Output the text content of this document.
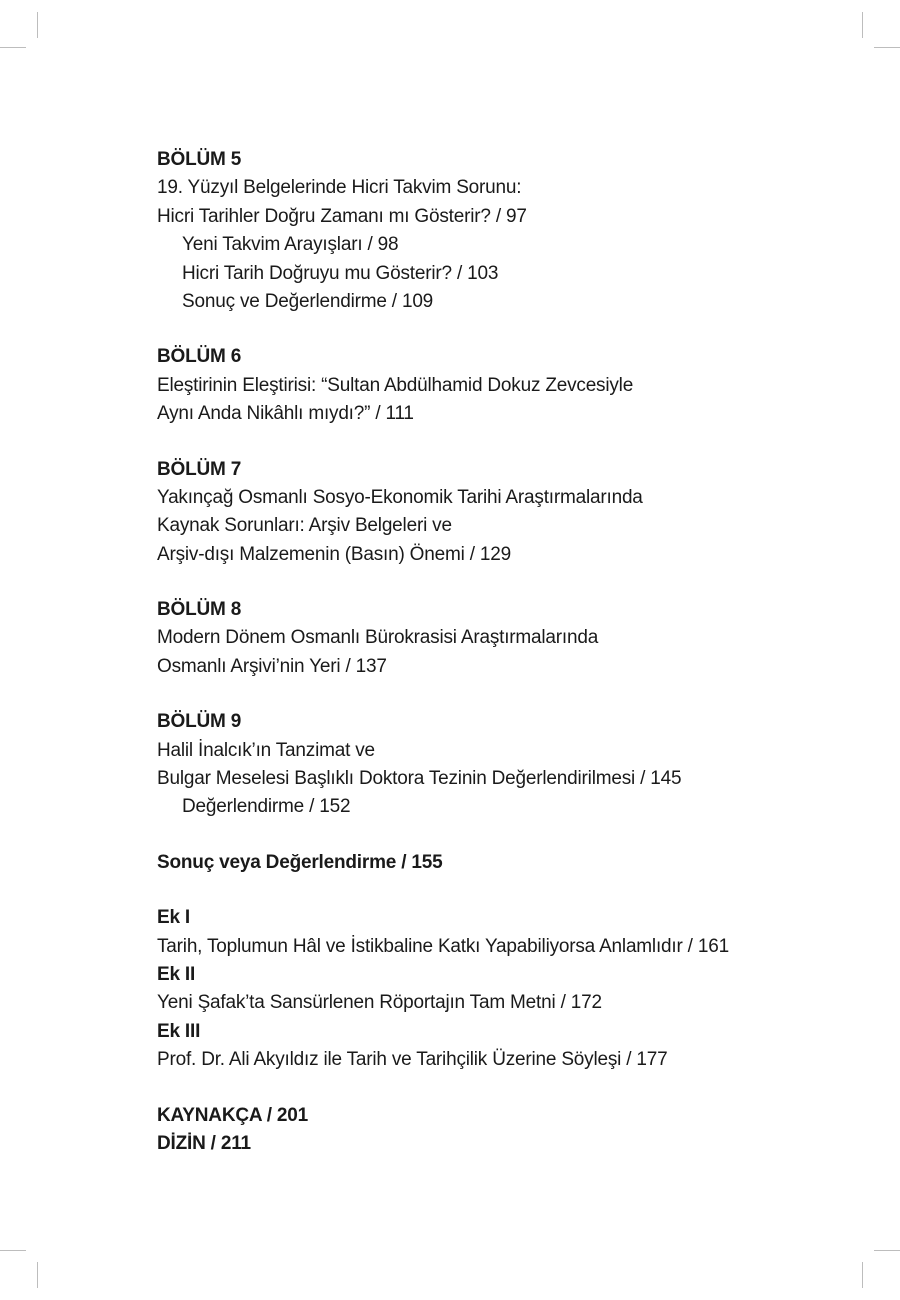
BÖLÜM 5
19. Yüzyıl Belgelerinde Hicri Takvim Sorunu:
Hicri Tarihler Doğru Zamanı mı Gösterir? / 97
Yeni Takvim Arayışları / 98
Hicri Tarih Doğruyu mu Gösterir? / 103
Sonuç ve Değerlendirme / 109
BÖLÜM 6
Eleştirinin Eleştirisi: “Sultan Abdülhamid Dokuz Zevcesiyle
Aynı Anda Nikâhlı mıydı?” / 111
BÖLÜM 7
Yakınçağ Osmanlı Sosyo-Ekonomik Tarihi Araştırmalarında
Kaynak Sorunları: Arşiv Belgeleri ve
Arşiv-dışı Malzemenin (Basın) Önemi / 129
BÖLÜM 8
Modern Dönem Osmanlı Bürokrasisi Araştırmalarında
Osmanlı Arşivi’nin Yeri / 137
BÖLÜM 9
Halil İnalcık’ın Tanzimat ve
Bulgar Meselesi Başlıklı Doktora Tezinin Değerlendirilmesi / 145
Değerlendirme / 152
Sonuç veya Değerlendirme / 155
Ek I
Tarih, Toplumun Hâl ve İstikbaline Katkı Yapabiliyorsa Anlamlıdır / 161
Ek II
Yeni Şafak’ta Sansürlenen Röportajın Tam Metni / 172
Ek III
Prof. Dr. Ali Akyıldız ile Tarih ve Tarihçilik Üzerine Söyleşi / 177
KAYNAKÇA / 201
DİZİN / 211
